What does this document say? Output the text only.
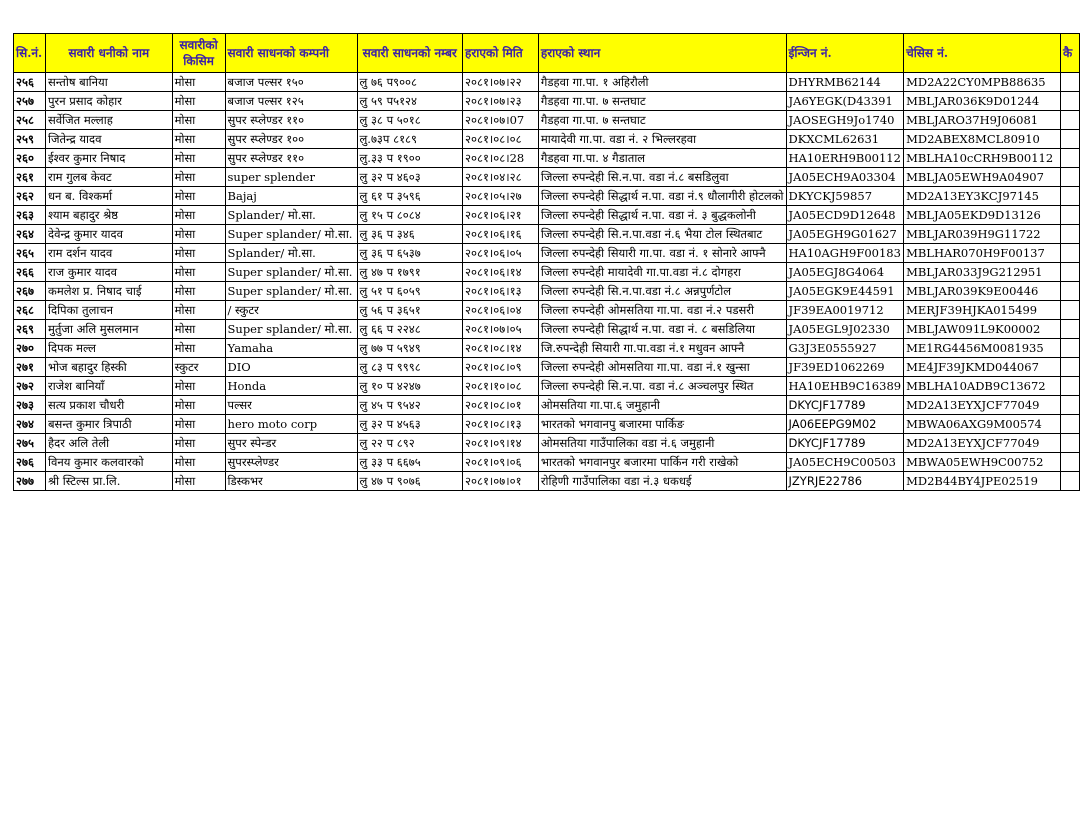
सि.नं.	सवारी धनीको नाम	सवारीको किसिम	सवारी साधनको कम्पनी	सवारी साधनको नम्बर	हराएको मिति	हराएको स्थान	ईन्जिन नं.	चेसिस नं.	कै
२५६	सन्तोष बानिया	मोसा	बजाज पल्सर १५०	लु ७६ प९००८	२०८१।०७।२२	गैडहवा गा.पा. १ अहिरौली	DHYRMB62144	MD2A22CY0MPB88635	
२५७	पुरन प्रसाद कोहार	मोसा	बजाज पल्सर १२५	लु ५९ प५१२४	२०८१।०७।२३	गैडहवा गा.पा. ७ सन्तघाट	JA6YEGK(D43391	MBLJAR036K9D01244	
२५८	सर्वेजित मल्लाह	मोसा	सुपर स्प्लेण्डर ११०	लु ३८ प ५०१८	२०८१।०७।07	गैडहवा गा.पा. ७ सन्तघाट	JAOSEGH9Jo1740	MBLJARO37H9J06081	
२५९	जितेन्द्र यादव	मोसा	सुपर स्प्लेण्डर १००	लु.७३प ८१८९	२०८१।०८।०८	मायादेवी गा.पा. वडा नं. २ भिल्लरहवा	DKXCML62631	MD2ABEX8MCL80910	
२६०	ईश्वर कुमार निषाद	मोसा	सुपर स्प्लेण्डर ११०	लु.३३ प १९००	२०८१।०८।28	गैडहवा गा.पा. ४ गैडाताल	HA10ERH9B00112	MBLHA10cCRH9B00112	
२६१	राम गुलब केवट	मोसा	super splender	लु ३२ प ४६०३	२०८१।०४।२८	जिल्ला रुपन्देही सि.न.पा. वडा नं.८ बसडिलुवा	JA05ECH9A03304	MBLJA05EWH9A04907	
२६२	धन ब. विश्कर्मा	मोसा	Bajaj	लु ६१ प ३५९६	२०८१।०५।२७	जिल्ला रुपन्देही सिद्धार्थ न.पा. वडा नं.९ धौलागीरी होटलको	DKYCKJ59857	MD2A13EY3KCJ97145	
२६३	श्याम बहादुर श्रेष्ठ	मोसा	Splander/ मो.सा.	लु १५ प ८०८४	२०८१।०६।२१	जिल्ला रुपन्देही सिद्धार्थ न.पा. वडा नं. ३ बुद्धकलोनी	JA05ECD9D12648	MBLJA05EKD9D13126	
२६४	देवेन्द्र कुमार यादव	मोसा	Super splander/ मो.सा.	लु ३६ प ३४६	२०८१।०६।१६	जिल्ला रुपन्देही सि.न.पा.वडा नं.६ भैया टोल स्थितबाट	JA05EGH9G01627	MBLJAR039H9G11722	
२६५	राम दर्शन यादव	मोसा	Splander/ मो.सा.	लु ३६ प ६५३७	२०८१।०६।०५	जिल्ला रुपन्देही सियारी गा.पा. वडा नं. १ सोनारे आफ्नै	HA10AGH9F00183	MBLHAR070H9F00137	
२६६	राज कुमार यादव	मोसा	Super splander/ मो.सा.	लु ४७ प १७९१	२०८१।०६।१४	जिल्ला रुपन्देही मायादेवी गा.पा.वडा नं.८ दोगहरा	JA05EGJ8G4064	MBLJAR033J9G212951	
२६७	कमलेश प्र. निषाद चाई	मोसा	Super splander/ मो.सा.	लु ५१ प ६०५९	२०८१।०६।१३	जिल्ला रुपन्देही सि.न.पा.वडा नं.८ अन्नपुर्णटोल	JA05EGK9E44591	MBLJAR039K9E00446	
२६८	दिपिका तुलाचन	मोसा	/ स्कुटर	लु ५६ प ३६५१	२०८१।०६।०४	जिल्ला रुपन्देही ओमसतिया गा.पा. वडा नं.२ पडसरी	JF39EA0019712	MERJF39HJKA015499	
२६९	मुर्तुजा अलि मुसलमान	मोसा	Super splander/ मो.सा.	लु ६६ प २२४८	२०८१।०७।०५	जिल्ला रुपन्देही सिद्धार्थ न.पा. वडा नं. ८ बसडिलिया	JA05EGL9J02330	MBLJAW091L9K00002	
२७०	दिपक मल्ल	मोसा	Yamaha	लु ७७ प ५९४९	२०८१।०८।१४	जि.रुपन्देही सियारी गा.पा.वडा नं.१ मधुवन आफ्नै	G3J3E0555927	ME1RG4456M0081935	
२७१	भोज बहादुर हिस्की	स्कुटर	DIO	लु ८३ प ९९९८	२०८१।०८।०९	जिल्ला रुपन्देही ओमसतिया गा.पा. वडा नं.१ खुन्सा	JF39ED1062269	ME4JF39JKMD044067	
२७२	राजेश बानियाँ	मोसा	Honda	लु १० प ४२४७	२०८१।१०।०८	जिल्ला रुपन्देही सि.न.पा. वडा नं.८ अञ्चलपुर स्थित	HA10EHB9C16389	MBLHA10ADB9C13672	
२७३	सत्य प्रकाश चौधरी	मोसा	पल्सर	लु ४५ प ९५४२	२०८१।०८।०१	ओमसतिया गा.पा.६ जमुहानी	DKYCJF17789	MD2A13EYXJCF77049	
२७४	बसन्त कुमार त्रिपाठी	मोसा	hero moto corp	लु ३२ प ४५६३	२०८१।०८।१३	भारतको भगवानपु बजारमा पार्किङ	JA06EEPG9M02	MBWA06AXG9M00574	
२७५	हैदर अलि तेली	मोसा	सुपर स्पेन्डर	लु २२ प ८९२	२०८१।०९।१४	ओमसतिया गाउँपालिका वडा नं.६ जमुहानी	DKYCJF17789	MD2A13EYXJCF77049	
२७६	विनय कुमार कलवारको	मोसा	सुपरस्प्लेण्डर	लु ३३ प ६६७५	२०८१।०९।०६	भारतको भगवानपुर बजारमा पार्किन गरी राखेको	JA05ECH9C00503	MBWA05EWH9C00752	
२७७	श्री स्टिल्स प्रा.लि.	मोसा	डिस्कभर	लु ४७ प ९०७६	२०८१।०७।०१	रोहिणी गाउँपालिका वडा नं.३ धकधई	JZYRJE22786	MD2B44BY4JPE02519	
